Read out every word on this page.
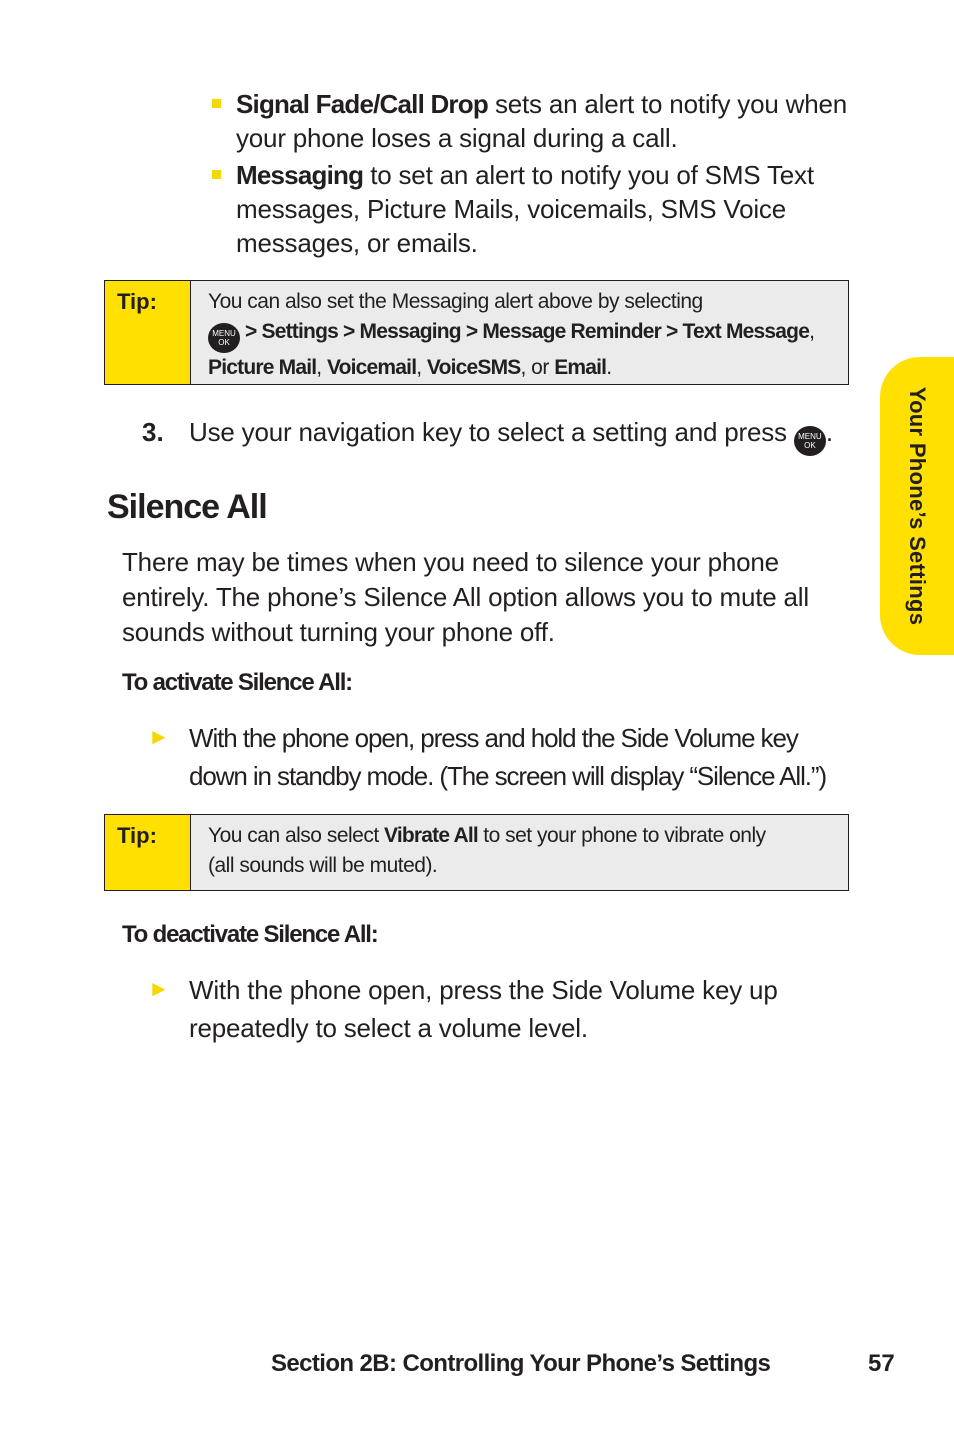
Signal Fade/Call Drop sets an alert to notify you when
your phone loses a signal during a call.
Messaging to set an alert to notify you of SMS Text
messages, Picture Mails, voicemails, SMS Voice
messages, or emails.
Tip:	You can also set the Messaging alert above by selecting
MENU
OK > Settings > Messaging > Message Reminder > Text Message,
Picture Mail, Voicemail, VoiceSMS, or Email.
3. Use your navigation key to select a setting and press MENU
OK .
Silence All
There may be times when you need to silence your phone
entirely. The phone’s Silence All option allows you to mute all
sounds without turning your phone off.
To activate Silence All:
► With the phone open, press and hold the Side Volume key
down in standby mode. (The screen will display “Silence All.”)
Tip:	You can also select Vibrate All to set your phone to vibrate only
(all sounds will be muted).
To deactivate Silence All:
► With the phone open, press the Side Volume key up
repeatedly to select a volume level.
Your Phone’s Settings
Section 2B: Controlling Your Phone’s Settings	57
